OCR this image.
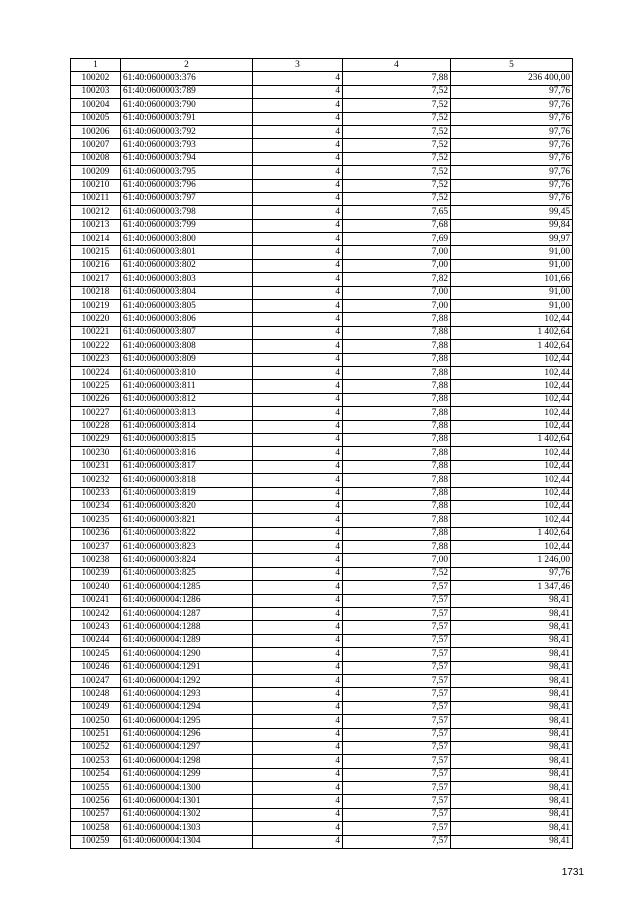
1	2	3	4	5
100202	61:40:0600003:376	4	7,88	236 400,00
100203	61:40:0600003:789	4	7,52	97,76
100204	61:40:0600003:790	4	7,52	97,76
100205	61:40:0600003:791	4	7,52	97,76
100206	61:40:0600003:792	4	7,52	97,76
100207	61:40:0600003:793	4	7,52	97,76
100208	61:40:0600003:794	4	7,52	97,76
100209	61:40:0600003:795	4	7,52	97,76
100210	61:40:0600003:796	4	7,52	97,76
100211	61:40:0600003:797	4	7,52	97,76
100212	61:40:0600003:798	4	7,65	99,45
100213	61:40:0600003:799	4	7,68	99,84
100214	61:40:0600003:800	4	7,69	99,97
100215	61:40:0600003:801	4	7,00	91,00
100216	61:40:0600003:802	4	7,00	91,00
100217	61:40:0600003:803	4	7,82	101,66
100218	61:40:0600003:804	4	7,00	91,00
100219	61:40:0600003:805	4	7,00	91,00
100220	61:40:0600003:806	4	7,88	102,44
100221	61:40:0600003:807	4	7,88	1 402,64
100222	61:40:0600003:808	4	7,88	1 402,64
100223	61:40:0600003:809	4	7,88	102,44
100224	61:40:0600003:810	4	7,88	102,44
100225	61:40:0600003:811	4	7,88	102,44
100226	61:40:0600003:812	4	7,88	102,44
100227	61:40:0600003:813	4	7,88	102,44
100228	61:40:0600003:814	4	7,88	102,44
100229	61:40:0600003:815	4	7,88	1 402,64
100230	61:40:0600003:816	4	7,88	102,44
100231	61:40:0600003:817	4	7,88	102,44
100232	61:40:0600003:818	4	7,88	102,44
100233	61:40:0600003:819	4	7,88	102,44
100234	61:40:0600003:820	4	7,88	102,44
100235	61:40:0600003:821	4	7,88	102,44
100236	61:40:0600003:822	4	7,88	1 402,64
100237	61:40:0600003:823	4	7,88	102,44
100238	61:40:0600003:824	4	7,00	1 246,00
100239	61:40:0600003:825	4	7,52	97,76
100240	61:40:0600004:1285	4	7,57	1 347,46
100241	61:40:0600004:1286	4	7,57	98,41
100242	61:40:0600004:1287	4	7,57	98,41
100243	61:40:0600004:1288	4	7,57	98,41
100244	61:40:0600004:1289	4	7,57	98,41
100245	61:40:0600004:1290	4	7,57	98,41
100246	61:40:0600004:1291	4	7,57	98,41
100247	61:40:0600004:1292	4	7,57	98,41
100248	61:40:0600004:1293	4	7,57	98,41
100249	61:40:0600004:1294	4	7,57	98,41
100250	61:40:0600004:1295	4	7,57	98,41
100251	61:40:0600004:1296	4	7,57	98,41
100252	61:40:0600004:1297	4	7,57	98,41
100253	61:40:0600004:1298	4	7,57	98,41
100254	61:40:0600004:1299	4	7,57	98,41
100255	61:40:0600004:1300	4	7,57	98,41
100256	61:40:0600004:1301	4	7,57	98,41
100257	61:40:0600004:1302	4	7,57	98,41
100258	61:40:0600004:1303	4	7,57	98,41
100259	61:40:0600004:1304	4	7,57	98,41
1731
